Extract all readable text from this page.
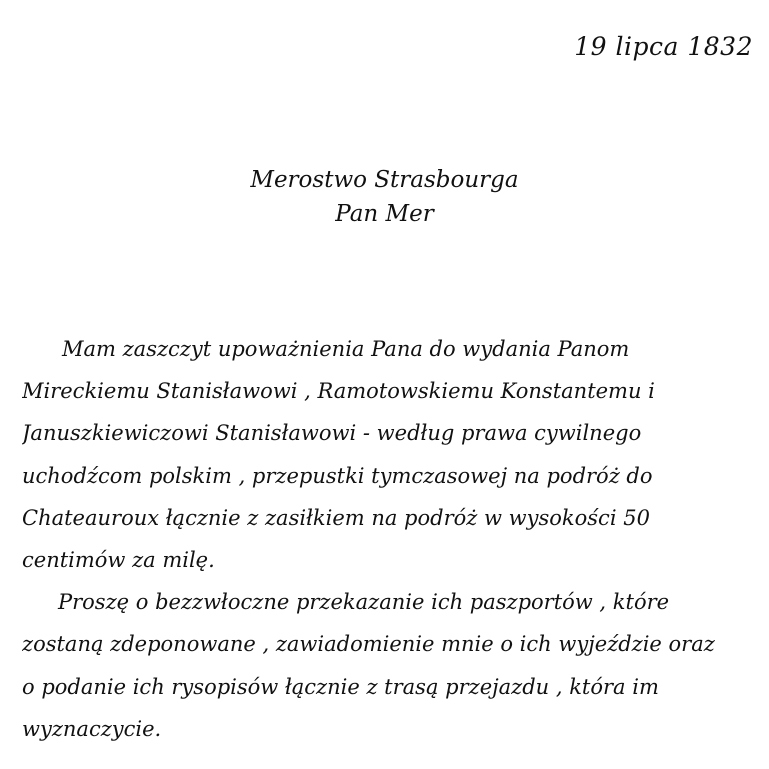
19 lipca 1832
Merostwo Strasbourga
Pan Mer
Mam zaszczyt upoważnienia Pana do wydania Panom
Mireckiemu Stanisławowi , Ramotowskiemu Konstantemu i
Januszkiewiczowi Stanisławowi - według prawa cywilnego
uchodźcom polskim , przepustki tymczasowej na podróż do
Chateauroux łącznie z zasiłkiem na podróż w wysokości 50
centimów za milę.
Proszę o bezzwłoczne przekazanie ich paszportów , które
zostaną zdeponowane , zawiadomienie mnie o ich wyjeździe oraz
o podanie ich rysopisów łącznie z trasą przejazdu , która im
wyznaczycie.
